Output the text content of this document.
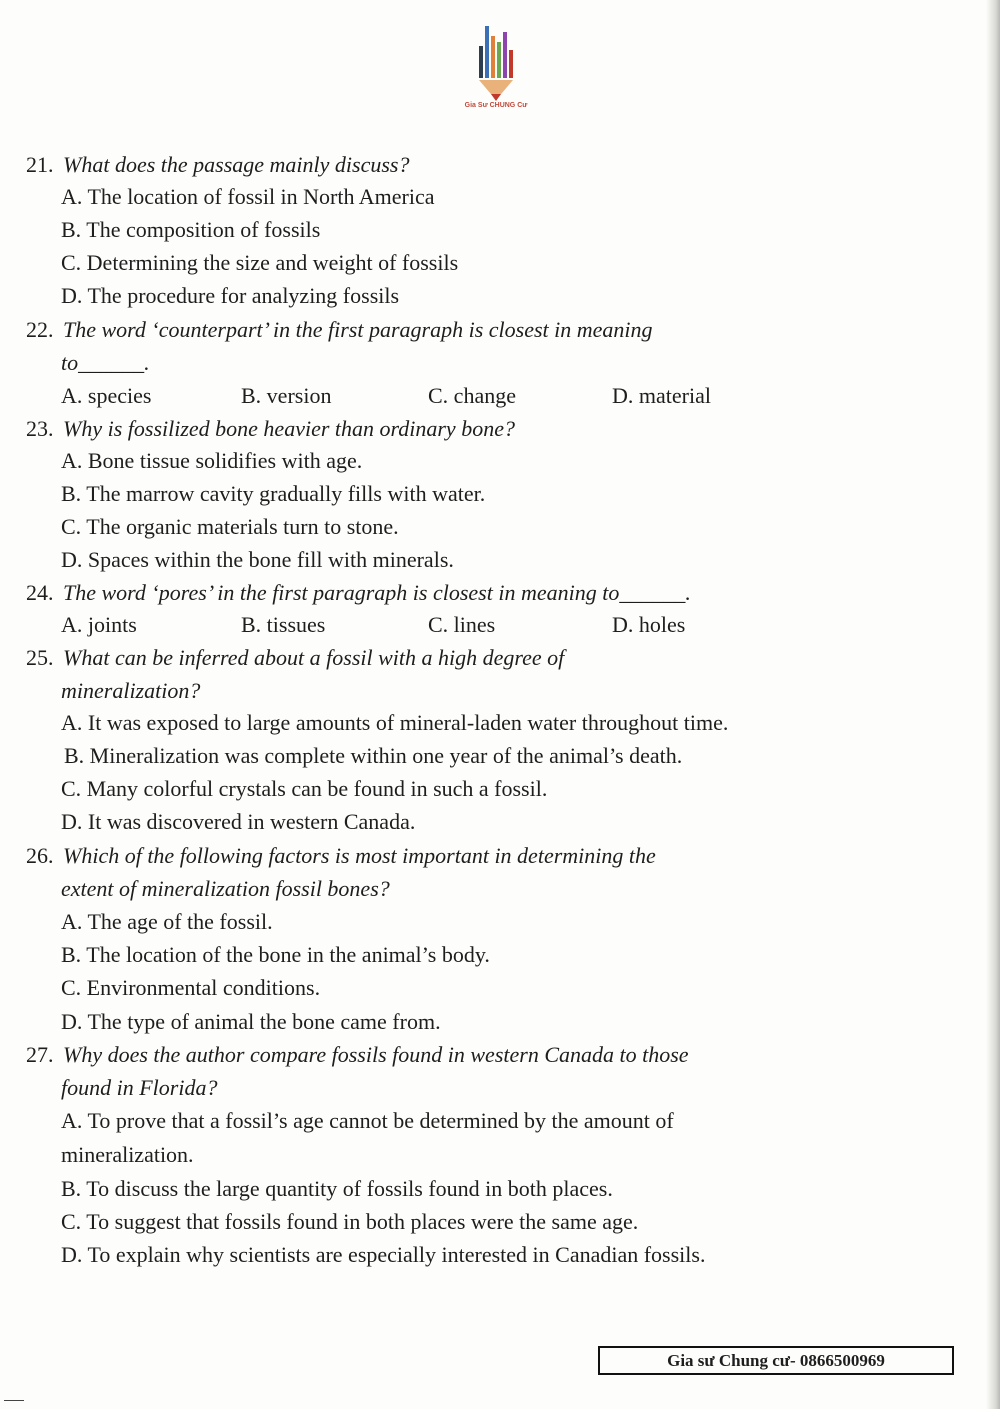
Gia Sư CHUNG Cư
21. What does the passage mainly discuss?
A. The location of fossil in North America
B. The composition of fossils
C. Determining the size and weight of fossils
D. The procedure for analyzing fossils
22. The word ‘counterpart’ in the first paragraph is closest in meaning
to______.
A. species	B. version	C. change	D. material
23. Why is fossilized bone heavier than ordinary bone?
A. Bone tissue solidifies with age.
B. The marrow cavity gradually fills with water.
C. The organic materials turn to stone.
D. Spaces within the bone fill with minerals.
24. The word ‘pores’ in the first paragraph is closest in meaning to______.
A. joints	B. tissues	C. lines	D. holes
25. What can be inferred about a fossil with a high degree of
mineralization?
A. It was exposed to large amounts of mineral-laden water throughout time.
B. Mineralization was complete within one year of the animal’s death.
C. Many colorful crystals can be found in such a fossil.
D. It was discovered in western Canada.
26. Which of the following factors is most important in determining the
extent of mineralization fossil bones?
A. The age of the fossil.
B. The location of the bone in the animal’s body.
C. Environmental conditions.
D. The type of animal the bone came from.
27. Why does the author compare fossils found in western Canada to those
found in Florida?
A. To prove that a fossil’s age cannot be determined by the amount of
mineralization.
B. To discuss the large quantity of fossils found in both places.
C. To suggest that fossils found in both places were the same age.
D. To explain why scientists are especially interested in Canadian fossils.
Gia sư Chung cư- 0866500969
